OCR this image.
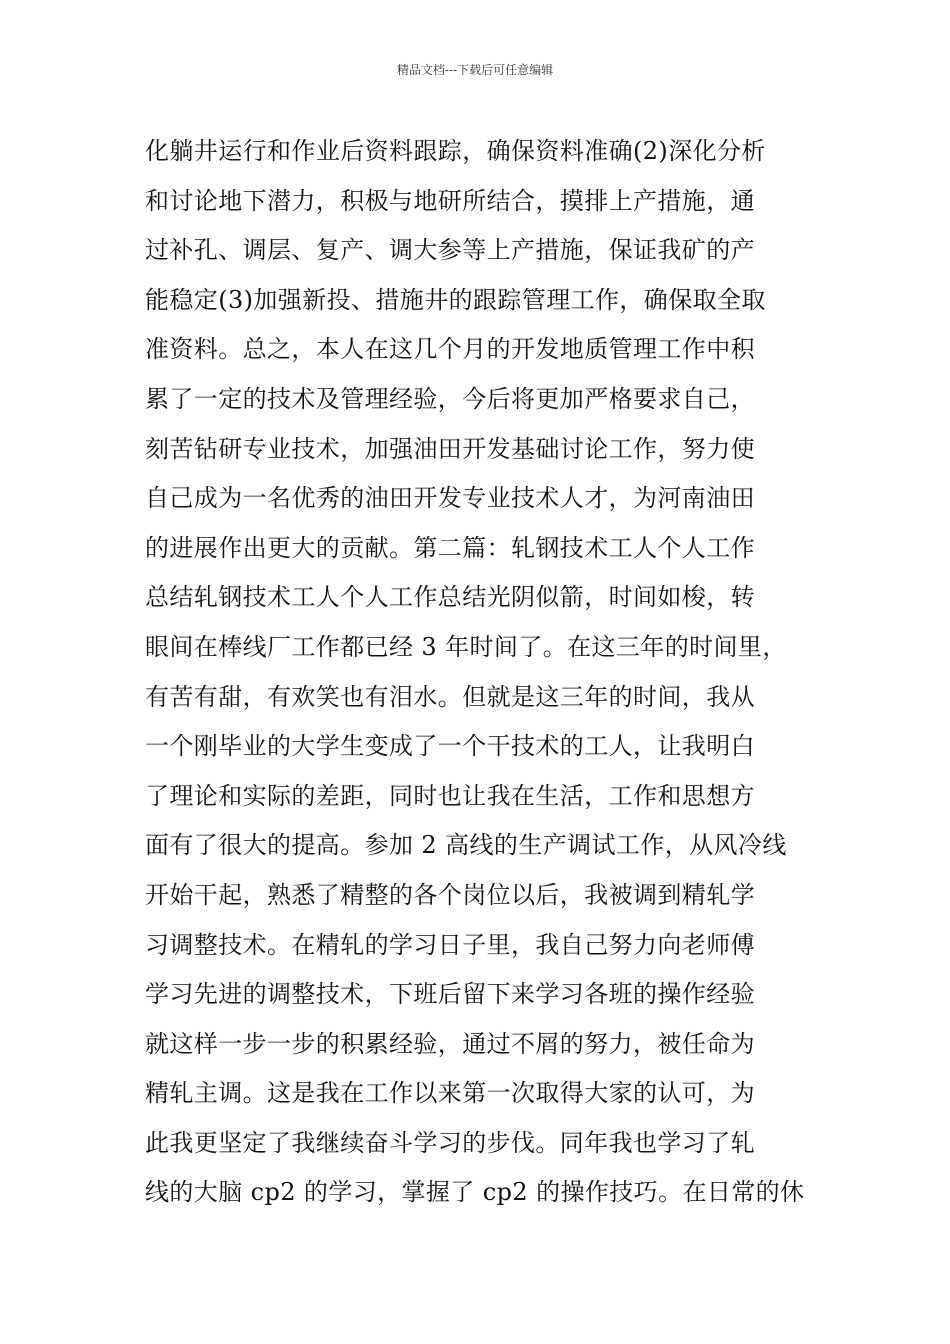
精品文档---下载后可任意编辑
化躺井运行和作业后资料跟踪，确保资料准确(2)深化分析
和讨论地下潜力，积极与地研所结合，摸排上产措施，通
过补孔、调层、复产、调大参等上产措施，保证我矿的产
能稳定(3)加强新投、措施井的跟踪管理工作，确保取全取
准资料。总之，本人在这几个月的开发地质管理工作中积
累了一定的技术及管理经验，今后将更加严格要求自己，
刻苦钻研专业技术，加强油田开发基础讨论工作，努力使
自己成为一名优秀的油田开发专业技术人才，为河南油田
的进展作出更大的贡献。第二篇：轧钢技术工人个人工作
总结轧钢技术工人个人工作总结光阴似箭，时间如梭，转
眼间在棒线厂工作都已经 3 年时间了。在这三年的时间里，
有苦有甜，有欢笑也有泪水。但就是这三年的时间，我从
一个刚毕业的大学生变成了一个干技术的工人，让我明白
了理论和实际的差距，同时也让我在生活，工作和思想方
面有了很大的提高。参加 2 高线的生产调试工作，从风冷线
开始干起，熟悉了精整的各个岗位以后，我被调到精轧学
习调整技术。在精轧的学习日子里，我自己努力向老师傅
学习先进的调整技术，下班后留下来学习各班的操作经验
就这样一步一步的积累经验，通过不屑的努力，被任命为
精轧主调。这是我在工作以来第一次取得大家的认可，为
此我更坚定了我继续奋斗学习的步伐。同年我也学习了轧
线的大脑 cp2 的学习，掌握了 cp2 的操作技巧。在日常的休
